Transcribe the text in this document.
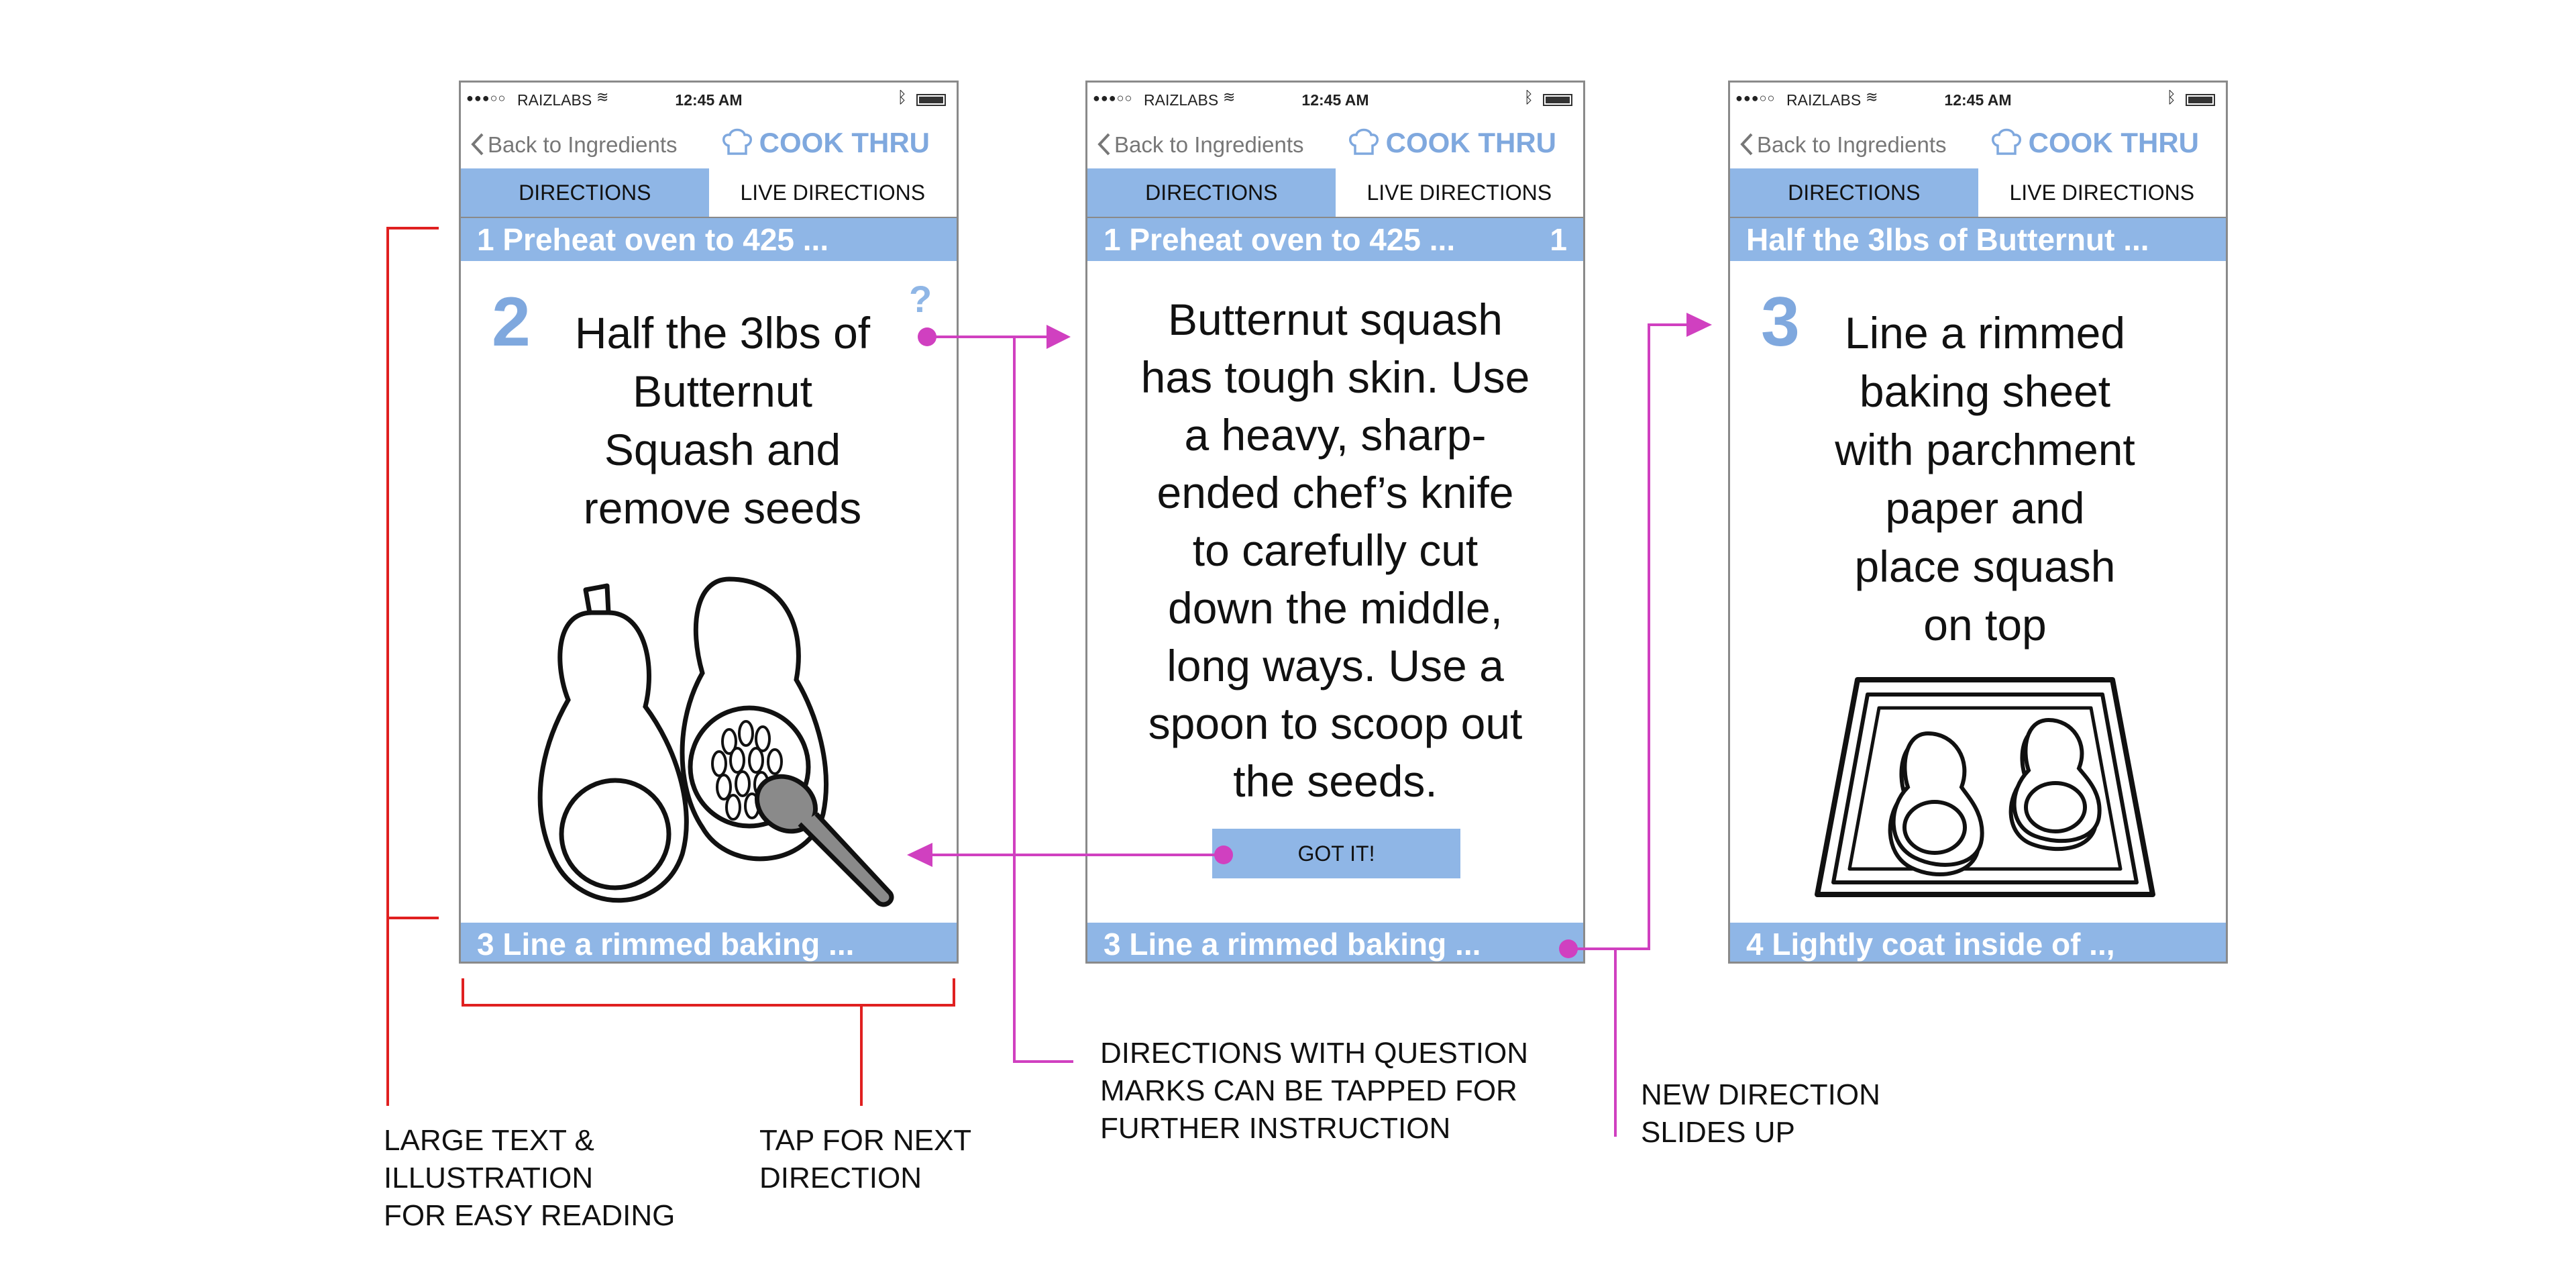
●●●○○ RAIZLABS ≋	12:45 AM	ᛒ
Back to Ingredients	COOK THRU
DIRECTIONS	LIVE DIRECTIONS
1 Preheat oven to 425 ...
2	?
Half the 3lbs of
Butternut
Squash and
remove seeds
3 Line a rimmed baking ...
●●●○○ RAIZLABS ≋	12:45 AM	ᛒ
Back to Ingredients	COOK THRU
DIRECTIONS	LIVE DIRECTIONS
1 Preheat oven to 425 ...	1
Butternut squash
has tough skin. Use
a heavy, sharp-
ended chef’s knife
to carefully cut
down the middle,
long ways. Use a
spoon to scoop out
the seeds.
GOT IT!
3 Line a rimmed baking ...
●●●○○ RAIZLABS ≋	12:45 AM	ᛒ
Back to Ingredients	COOK THRU
DIRECTIONS	LIVE DIRECTIONS
Half the 3lbs of Butternut ...
3	Line a rimmed
baking sheet
with parchment
paper and
place squash
on top
4 Lightly coat inside of ..,
LARGE TEXT &
ILLUSTRATION
FOR EASY READING
TAP FOR NEXT
DIRECTION
DIRECTIONS WITH QUESTION
MARKS CAN BE TAPPED FOR
FURTHER INSTRUCTION
NEW DIRECTION
SLIDES UP
